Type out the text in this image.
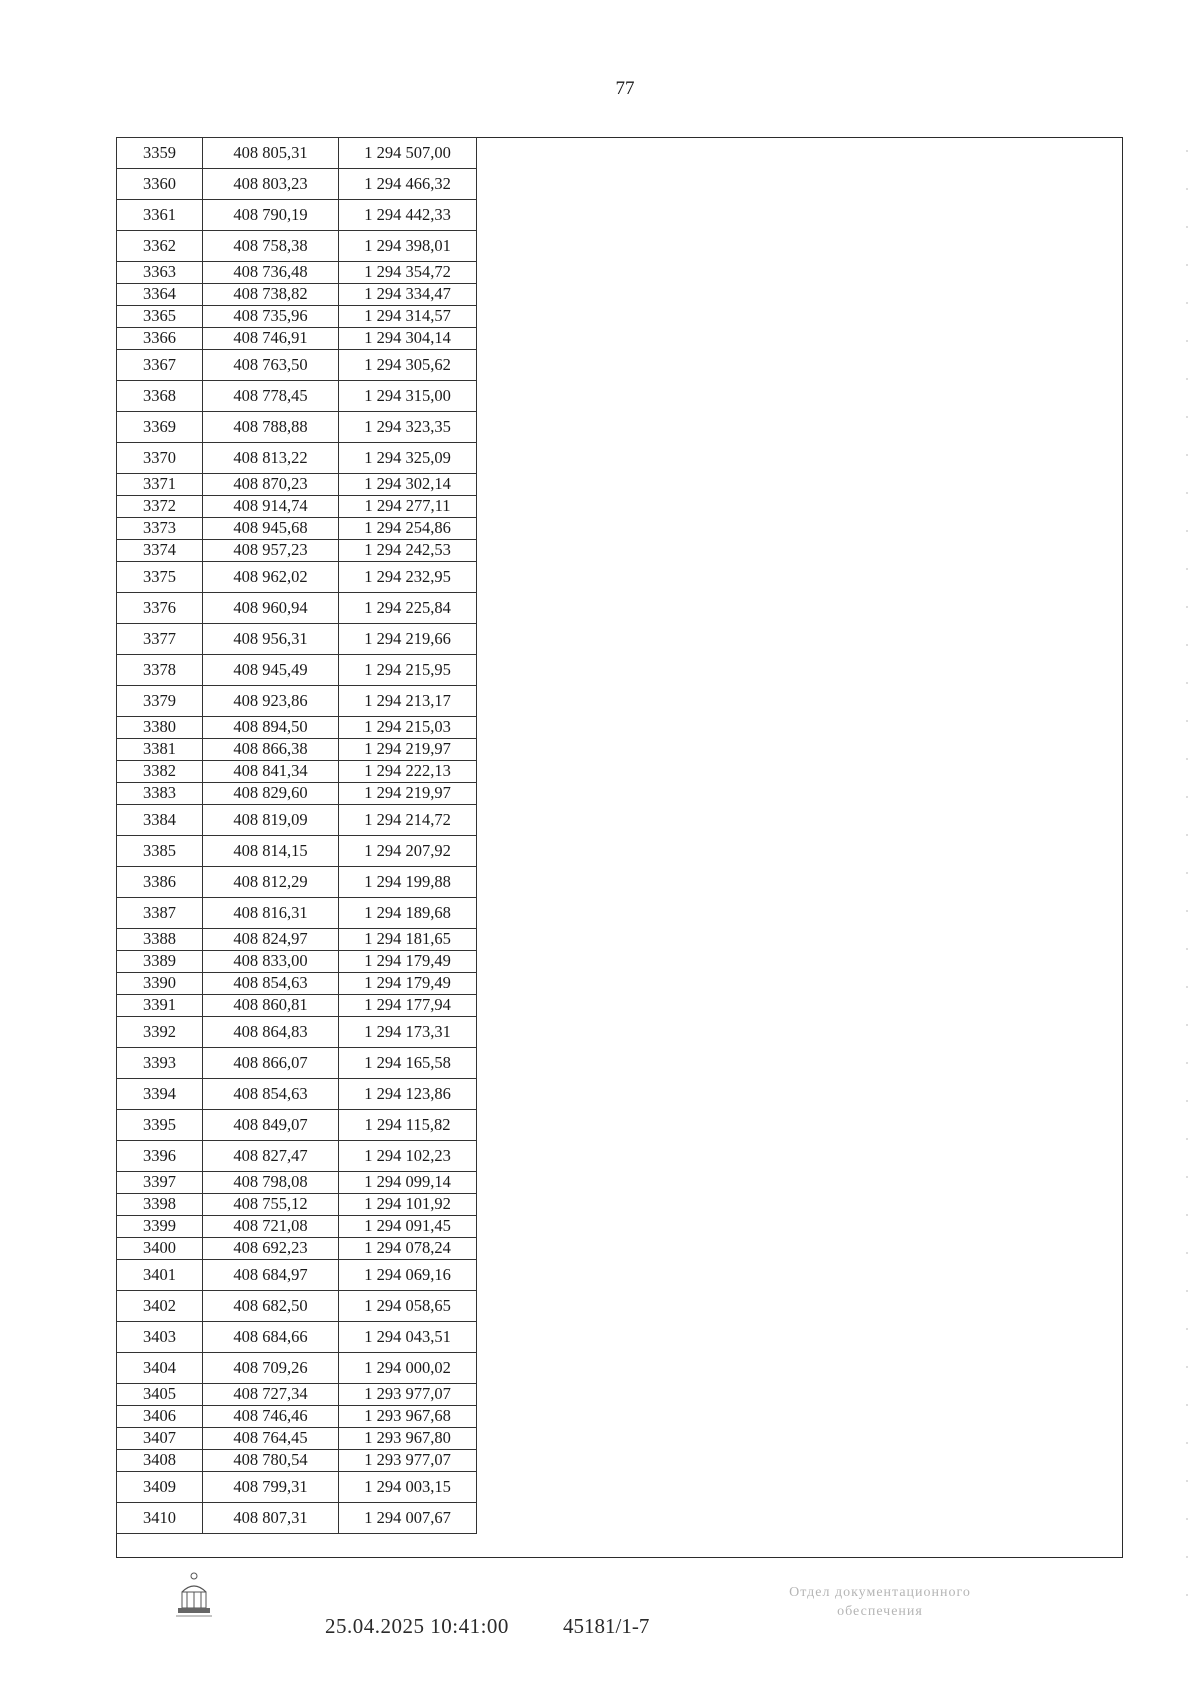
77
3359	408 805,31	1 294 507,00
3360	408 803,23	1 294 466,32
3361	408 790,19	1 294 442,33
3362	408 758,38	1 294 398,01
3363	408 736,48	1 294 354,72
3364	408 738,82	1 294 334,47
3365	408 735,96	1 294 314,57
3366	408 746,91	1 294 304,14
3367	408 763,50	1 294 305,62
3368	408 778,45	1 294 315,00
3369	408 788,88	1 294 323,35
3370	408 813,22	1 294 325,09
3371	408 870,23	1 294 302,14
3372	408 914,74	1 294 277,11
3373	408 945,68	1 294 254,86
3374	408 957,23	1 294 242,53
3375	408 962,02	1 294 232,95
3376	408 960,94	1 294 225,84
3377	408 956,31	1 294 219,66
3378	408 945,49	1 294 215,95
3379	408 923,86	1 294 213,17
3380	408 894,50	1 294 215,03
3381	408 866,38	1 294 219,97
3382	408 841,34	1 294 222,13
3383	408 829,60	1 294 219,97
3384	408 819,09	1 294 214,72
3385	408 814,15	1 294 207,92
3386	408 812,29	1 294 199,88
3387	408 816,31	1 294 189,68
3388	408 824,97	1 294 181,65
3389	408 833,00	1 294 179,49
3390	408 854,63	1 294 179,49
3391	408 860,81	1 294 177,94
3392	408 864,83	1 294 173,31
3393	408 866,07	1 294 165,58
3394	408 854,63	1 294 123,86
3395	408 849,07	1 294 115,82
3396	408 827,47	1 294 102,23
3397	408 798,08	1 294 099,14
3398	408 755,12	1 294 101,92
3399	408 721,08	1 294 091,45
3400	408 692,23	1 294 078,24
3401	408 684,97	1 294 069,16
3402	408 682,50	1 294 058,65
3403	408 684,66	1 294 043,51
3404	408 709,26	1 294 000,02
3405	408 727,34	1 293 977,07
3406	408 746,46	1 293 967,68
3407	408 764,45	1 293 967,80
3408	408 780,54	1 293 977,07
3409	408 799,31	1 294 003,15
3410	408 807,31	1 294 007,67
25.04.2025 10:41:00	45181/1-7
Отдел документационного
обеспечения
